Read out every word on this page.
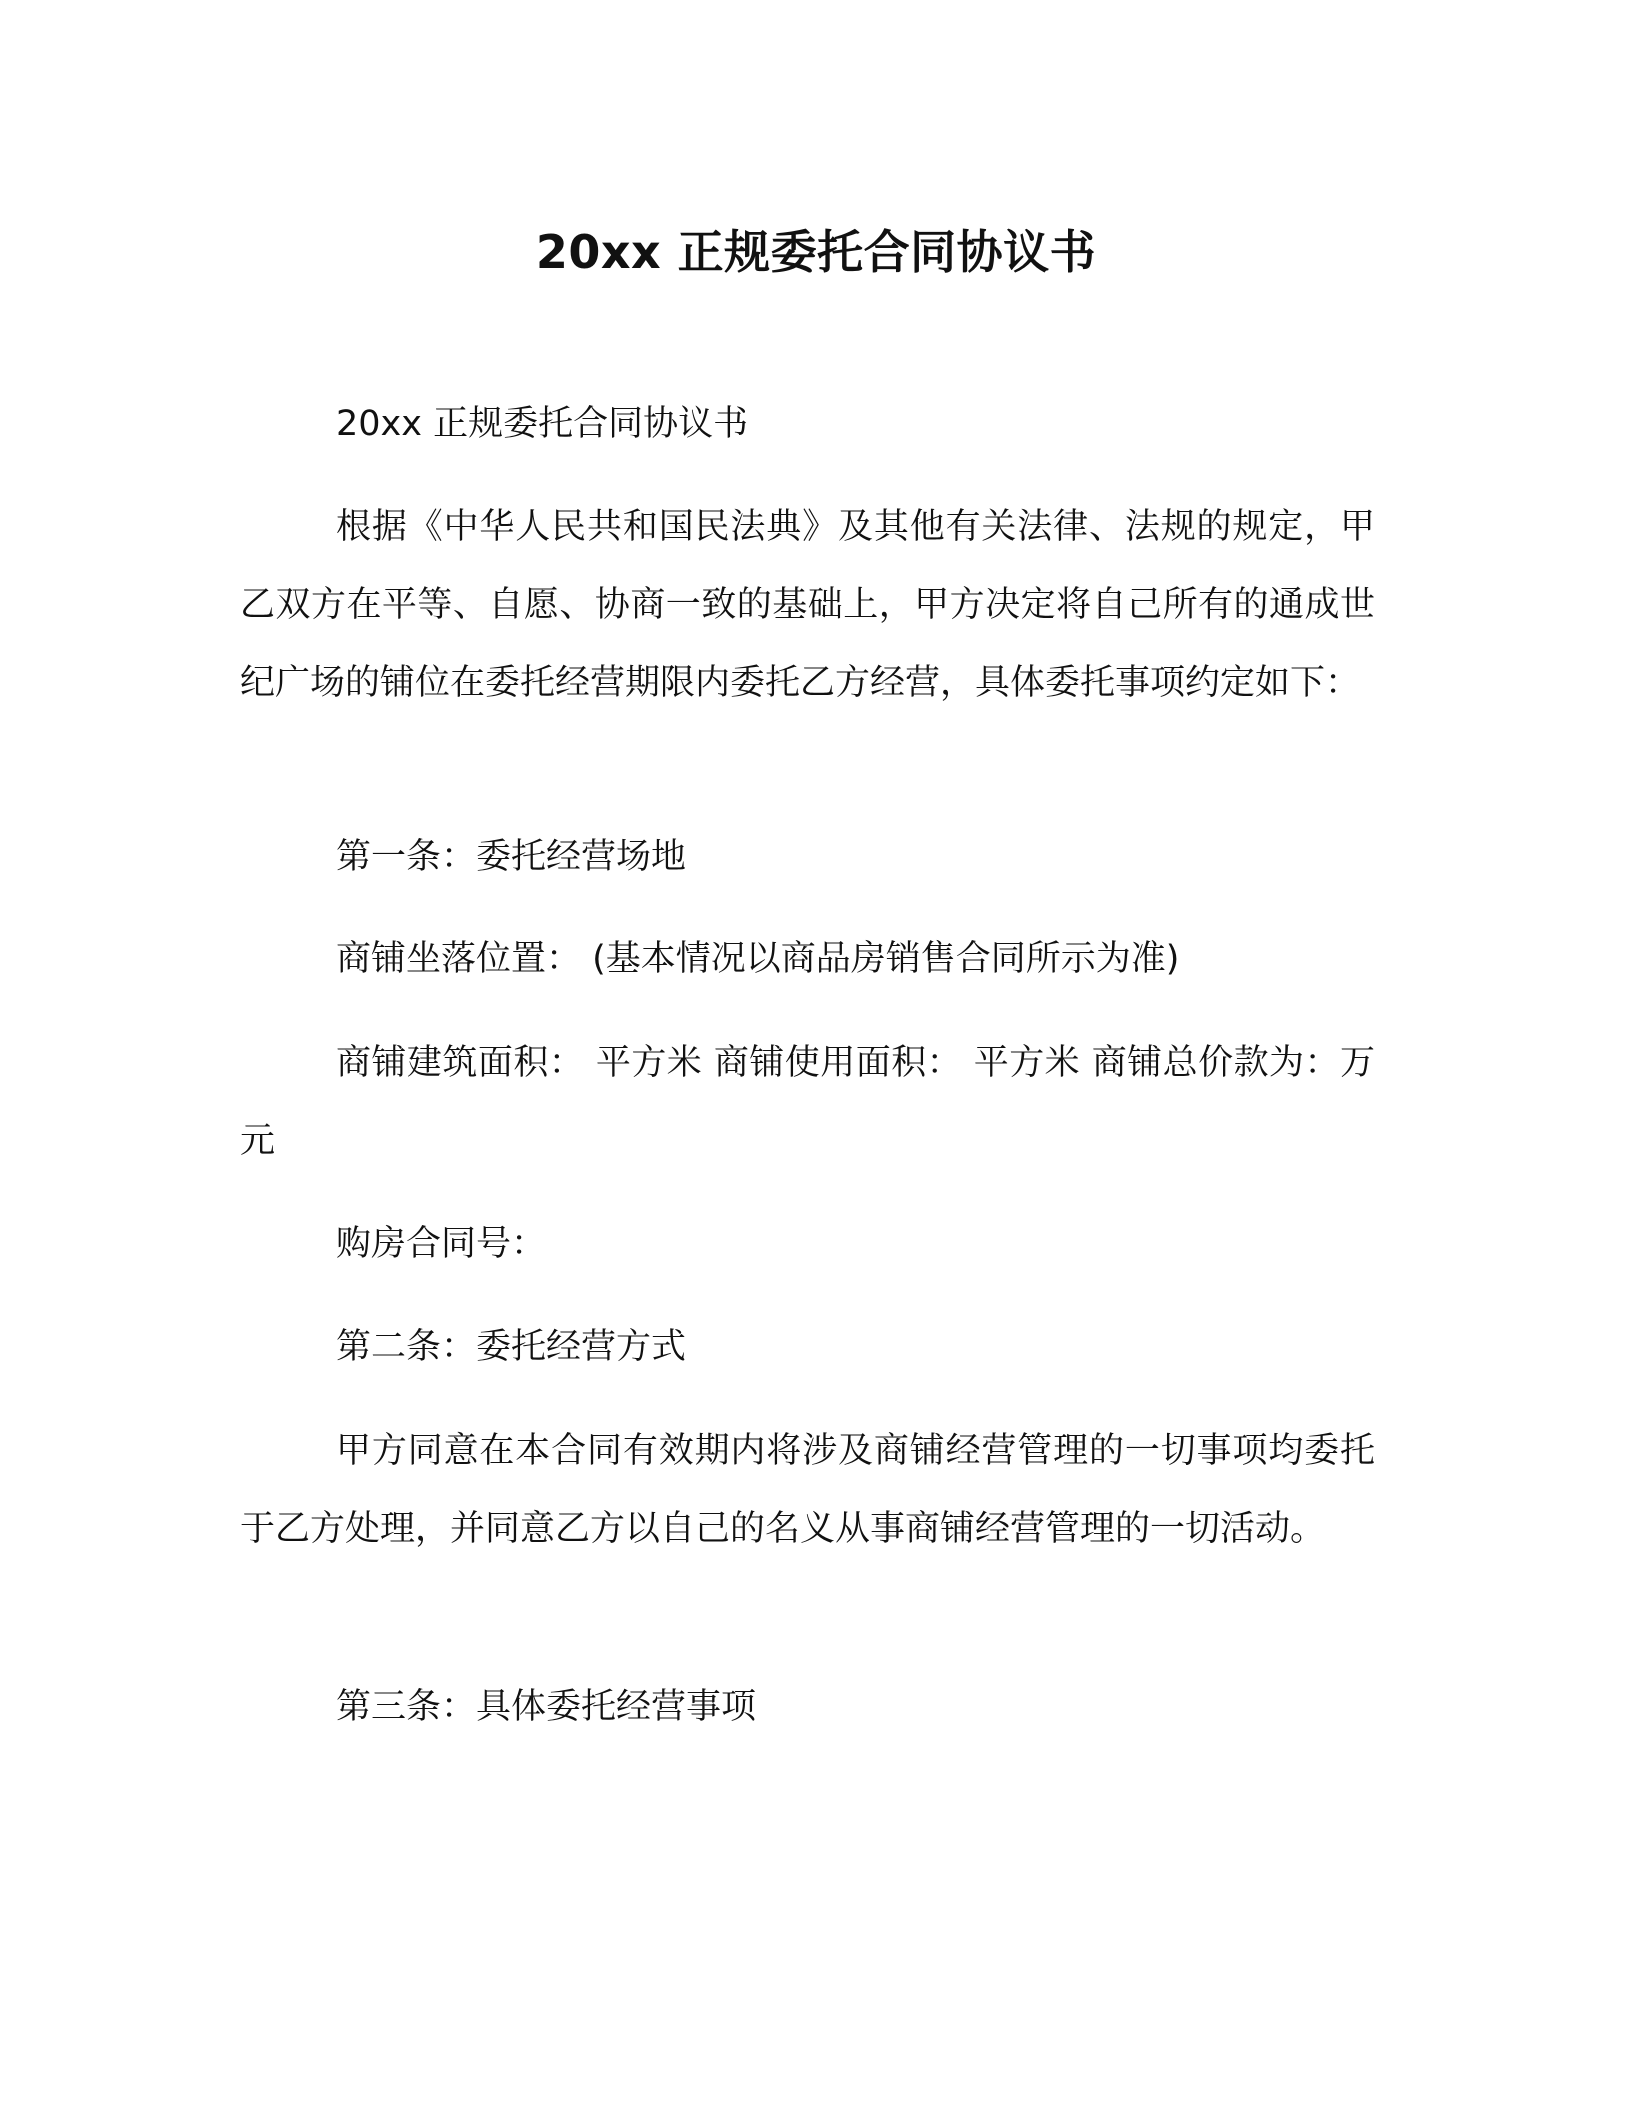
20xx 正规委托合同协议书

20xx 正规委托合同协议书

根据《中华人民共和国民法典》及其他有关法律、法规的规定，甲乙双方在平等、自愿、协商一致的基础上，甲方决定将自己所有的通成世纪广场的铺位在委托经营期限内委托乙方经营，具体委托事项约定如下：

第一条：委托经营场地

商铺坐落位置： (基本情况以商品房销售合同所示为准)

商铺建筑面积： 平方米 商铺使用面积： 平方米 商铺总价款为：万元

购房合同号：

第二条：委托经营方式

甲方同意在本合同有效期内将涉及商铺经营管理的一切事项均委托于乙方处理，并同意乙方以自己的名义从事商铺经营管理的一切活动。

第三条：具体委托经营事项
